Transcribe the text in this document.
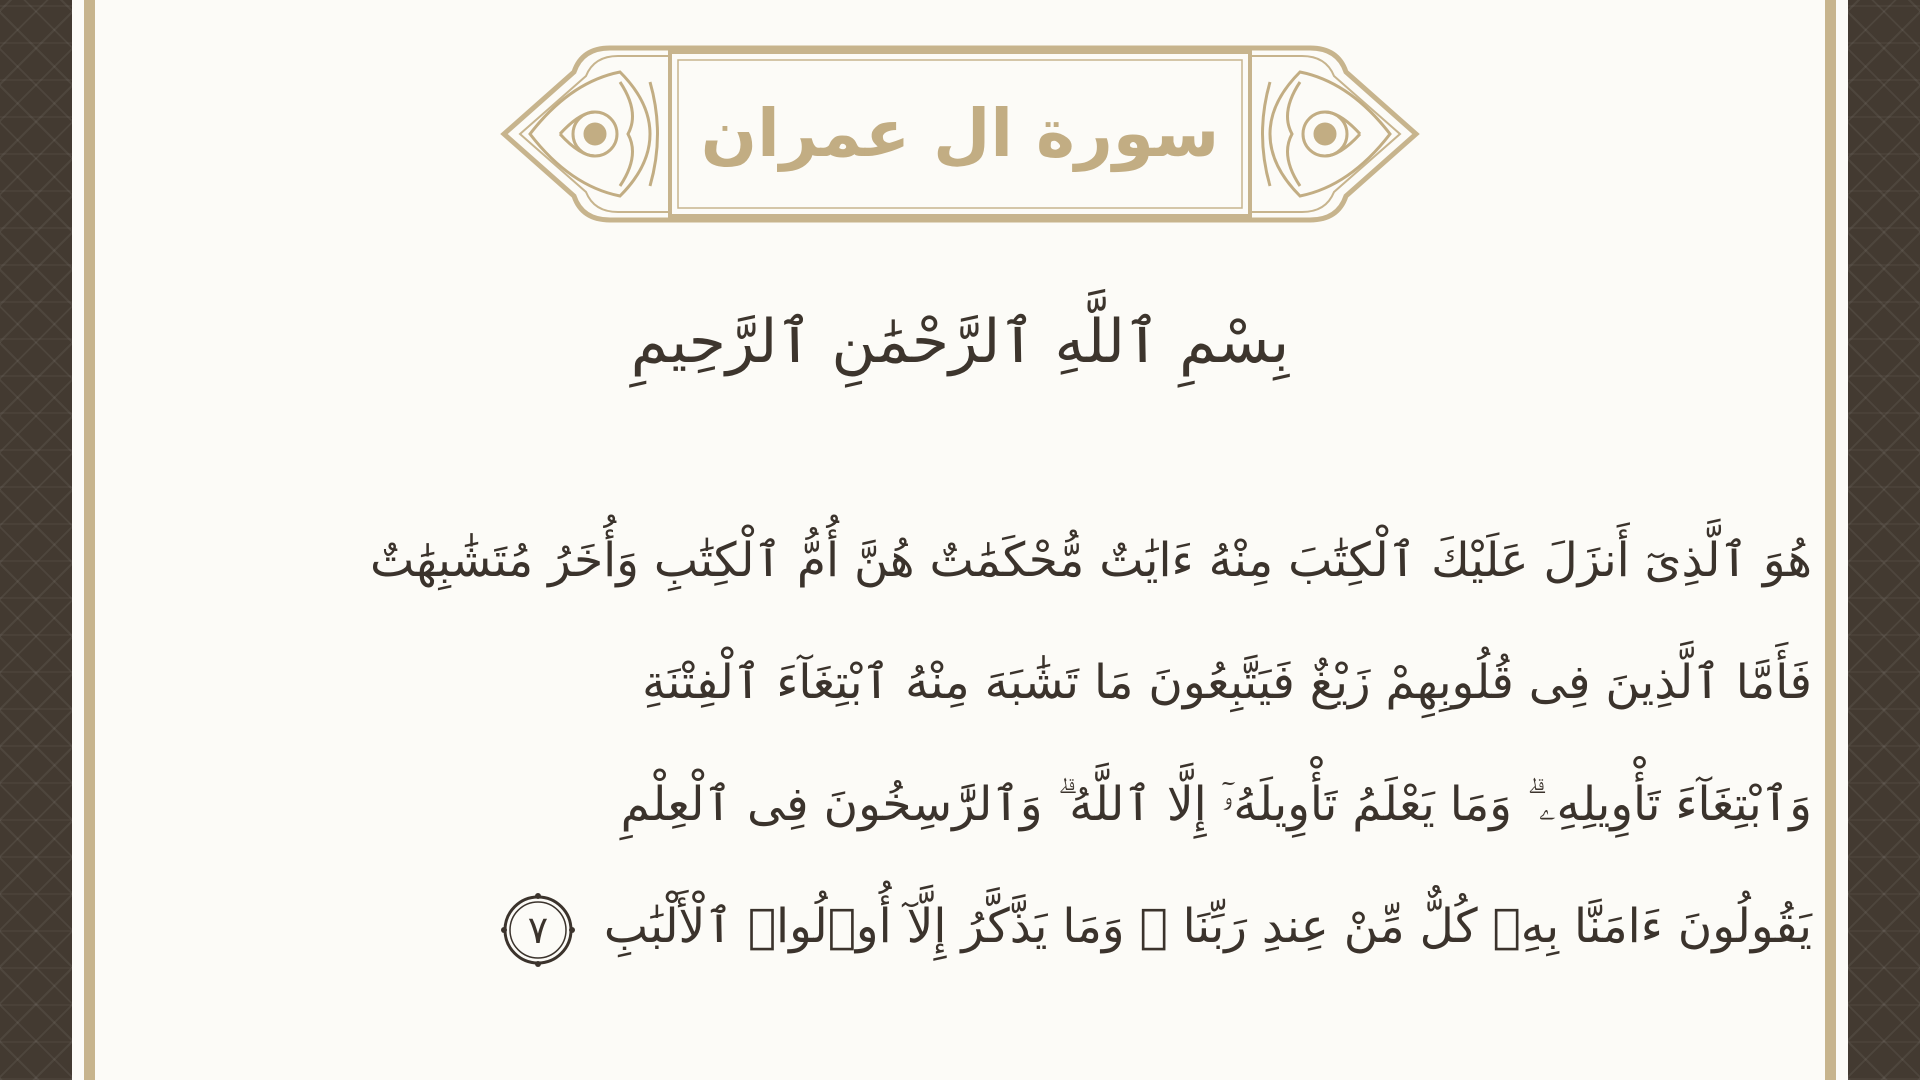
سورة ال عمران
بِسْمِ ٱللَّهِ ٱلرَّحْمَٰنِ ٱلرَّحِيمِ
هُوَ ٱلَّذِىٓ أَنزَلَ عَلَيْكَ ٱلْكِتَٰبَ مِنْهُ ءَايَٰتٌ مُّحْكَمَٰتٌ هُنَّ أُمُّ ٱلْكِتَٰبِ وَأُخَرُ مُتَشَٰبِهَٰتٌ
فَأَمَّا ٱلَّذِينَ فِى قُلُوبِهِمْ زَيْغٌ فَيَتَّبِعُونَ مَا تَشَٰبَهَ مِنْهُ ٱبْتِغَآءَ ٱلْفِتْنَةِ
وَٱبْتِغَآءَ تَأْوِيلِهِۦ ۗ وَمَا يَعْلَمُ تَأْوِيلَهُۥٓ إِلَّا ٱللَّهُ ۗ وَٱلرَّٰسِخُونَ فِى ٱلْعِلْمِ
يَقُولُونَ ءَامَنَّا بِهِۦ كُلٌّ مِّنْ عِندِ رَبِّنَا ۗ وَمَا يَذَّكَّرُ إِلَّآ أُو۟لُوا۟ ٱلْأَلْبَٰبِ
٧
